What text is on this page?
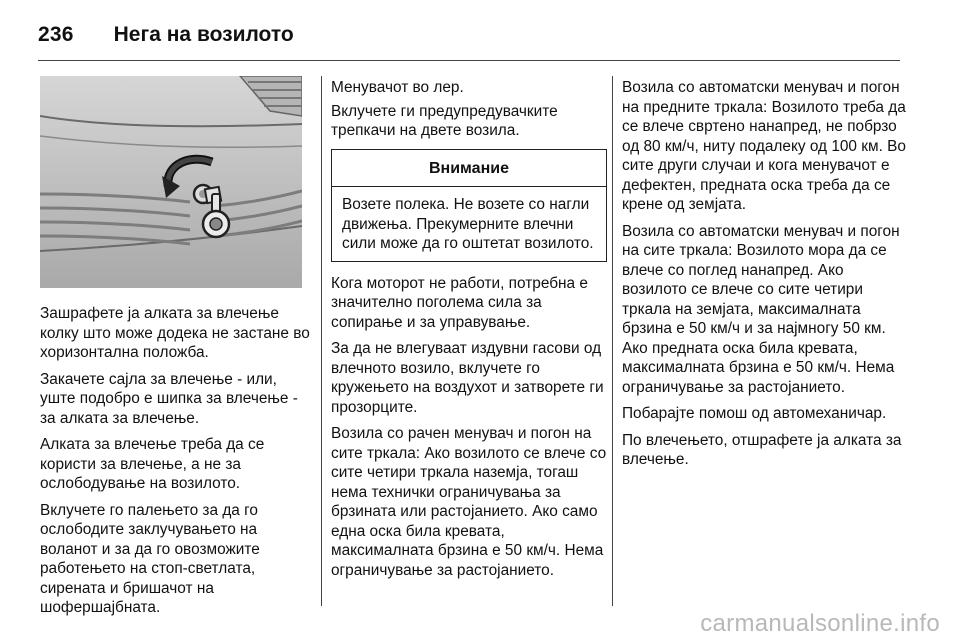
236 Нега на возилото

Зашрафете ја алката за влечење колку што може додека не застане во хоризонтална положба.

Закачете сајла за влечење - или, уште подобро е шипка за влечење - за алката за влечење.

Алката за влечење треба да се користи за влечење, а не за ослободување на возилото.

Вклучете го палењето за да го ослободите заклучувањето на воланот и за да го овозможите работењето на стоп-светлата, сирената и бришачот на шофершајбната.

Менувачот во лер.

Вклучете ги предупредувачките трепкачи на двете возила.

Внимание

Возете полека. Не возете со нагли движења. Прекумерните влечни сили може да го оштетат возилото.

Кога моторот не работи, потребна е значително поголема сила за сопирање и за управување.

За да не влегуваат издувни гасови од влечното возило, вклучете го кружењето на воздухот и затворете ги прозорците.

Возила со рачен менувач и погон на сите тркала: Ако возилото се влече со сите четири тркала наземја, тогаш нема технички ограничувања за брзината или растојанието. Ако само една оска била кревата, максималната брзина е 50 км/ч. Нема ограничување за растојанието.

Возила со автоматски менувач и погон на предните тркала: Возилото треба да се влече свртено нанапред, не побрзо од 80 км/ч, ниту подалеку од 100 км. Во сите други случаи и кога менувачот е дефектен, предната оска треба да се крене од земјата.

Возила со автоматски менувач и погон на сите тркала: Возилото мора да се влече со поглед нанапред. Ако возилото се влече со сите четири тркала на земјата, максималната брзина е 50 км/ч и за најмногу 50 км. Ако предната оска била кревата, максималната брзина е 50 км/ч. Нема ограничување за растојанието.

Побарајте помош од автомеханичар.

По влечењето, отшрафете ја алката за влечење.

carmanualsonline.info
